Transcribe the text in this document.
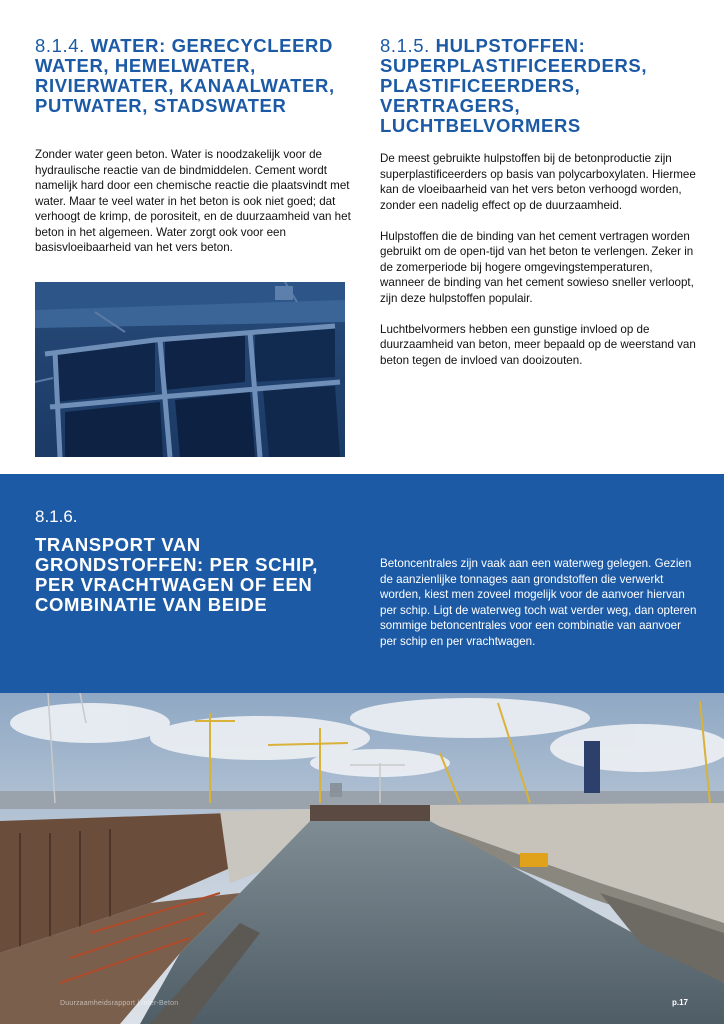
8.1.4. WATER: GERECYCLEERD WATER, HEMELWATER, RIVIERWATER, KANAALWATER, PUTWATER, STADSWATER

Zonder water geen beton. Water is noodzakelijk voor de hydraulische reactie van de bindmiddelen. Cement wordt namelijk hard door een chemische reactie die plaatsvindt met water. Maar te veel water in het beton is ook niet goed; dat verhoogt de krimp, de porositeit, en de duurzaamheid van het beton in het algemeen. Water zorgt ook voor een basisvloeibaarheid van het vers beton.

8.1.5. HULPSTOFFEN: SUPERPLASTIFICEERDERS, PLASTIFICEERDERS, VERTRAGERS, LUCHTBELVORMERS

De meest gebruikte hulpstoffen bij de betonproductie zijn superplastificeerders op basis van polycarboxylaten. Hiermee kan de vloeibaarheid van het vers beton verhoogd worden, zonder een nadelig effect op de duurzaamheid.

Hulpstoffen die de binding van het cement vertragen worden gebruikt om de open-tijd van het beton te verlengen. Zeker in de zomerperiode bij hogere omgevingstemperaturen, wanneer de binding van het cement sowieso sneller verloopt, zijn deze hulpstoffen populair.

Luchtbelvormers hebben een gunstige invloed op de duurzaamheid van beton, meer bepaald op de weerstand van beton tegen de invloed van dooizouten.

8.1.6.

TRANSPORT VAN GRONDSTOFFEN: PER SCHIP, PER VRACHTWAGEN OF EEN COMBINATIE VAN BEIDE

Betoncentrales zijn vaak aan een waterweg gelegen. Gezien de aanzienlijke tonnages aan grondstoffen die verwerkt worden, kiest men zoveel mogelijk voor de aanvoer hiervan per schip. Ligt de waterweg toch wat verder weg, dan opteren sommige betoncentrales voor een combinatie van aanvoer per schip en per vrachtwagen.

Duurzaamheidsrapport | Inter-Beton	p.17
